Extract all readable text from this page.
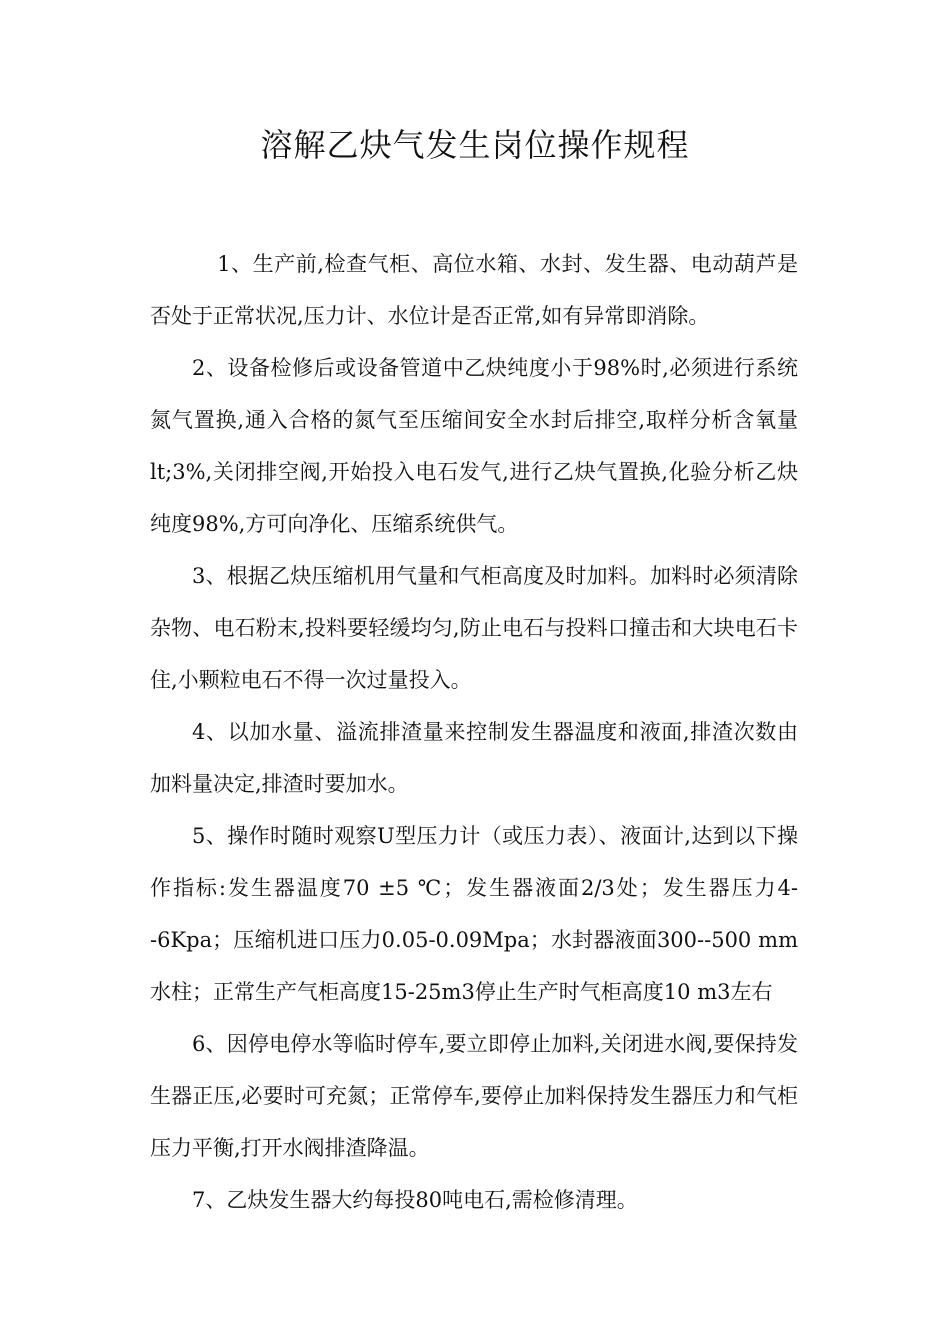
溶解乙炔气发生岗位操作规程

1、生产前,检查气柜、高位水箱、水封、发生器、电动葫芦是否处于正常状况,压力计、水位计是否正常,如有异常即消除。

2、设备检修后或设备管道中乙炔纯度小于98%时,必须进行系统氮气置换,通入合格的氮气至压缩间安全水封后排空,取样分析含氧量lt;3%,关闭排空阀,开始投入电石发气,进行乙炔气置换,化验分析乙炔纯度98%,方可向净化、压缩系统供气。

3、根据乙炔压缩机用气量和气柜高度及时加料。加料时必须清除杂物、电石粉末,投料要轻缓均匀,防止电石与投料口撞击和大块电石卡住,小颗粒电石不得一次过量投入。

4、以加水量、溢流排渣量来控制发生器温度和液面,排渣次数由加料量决定,排渣时要加水。

5、操作时随时观察U型压力计（或压力表）、液面计,达到以下操作指标:发生器温度70 ±5 ℃；发生器液面2/3处；发生器压力4--6Kpa；压缩机进口压力0.05-0.09Mpa；水封器液面300--500 mm水柱；正常生产气柜高度15-25m3停止生产时气柜高度10 m3左右

6、因停电停水等临时停车,要立即停止加料,关闭进水阀,要保持发生器正压,必要时可充氮；正常停车,要停止加料保持发生器压力和气柜压力平衡,打开水阀排渣降温。

7、乙炔发生器大约每投80吨电石,需检修清理。
